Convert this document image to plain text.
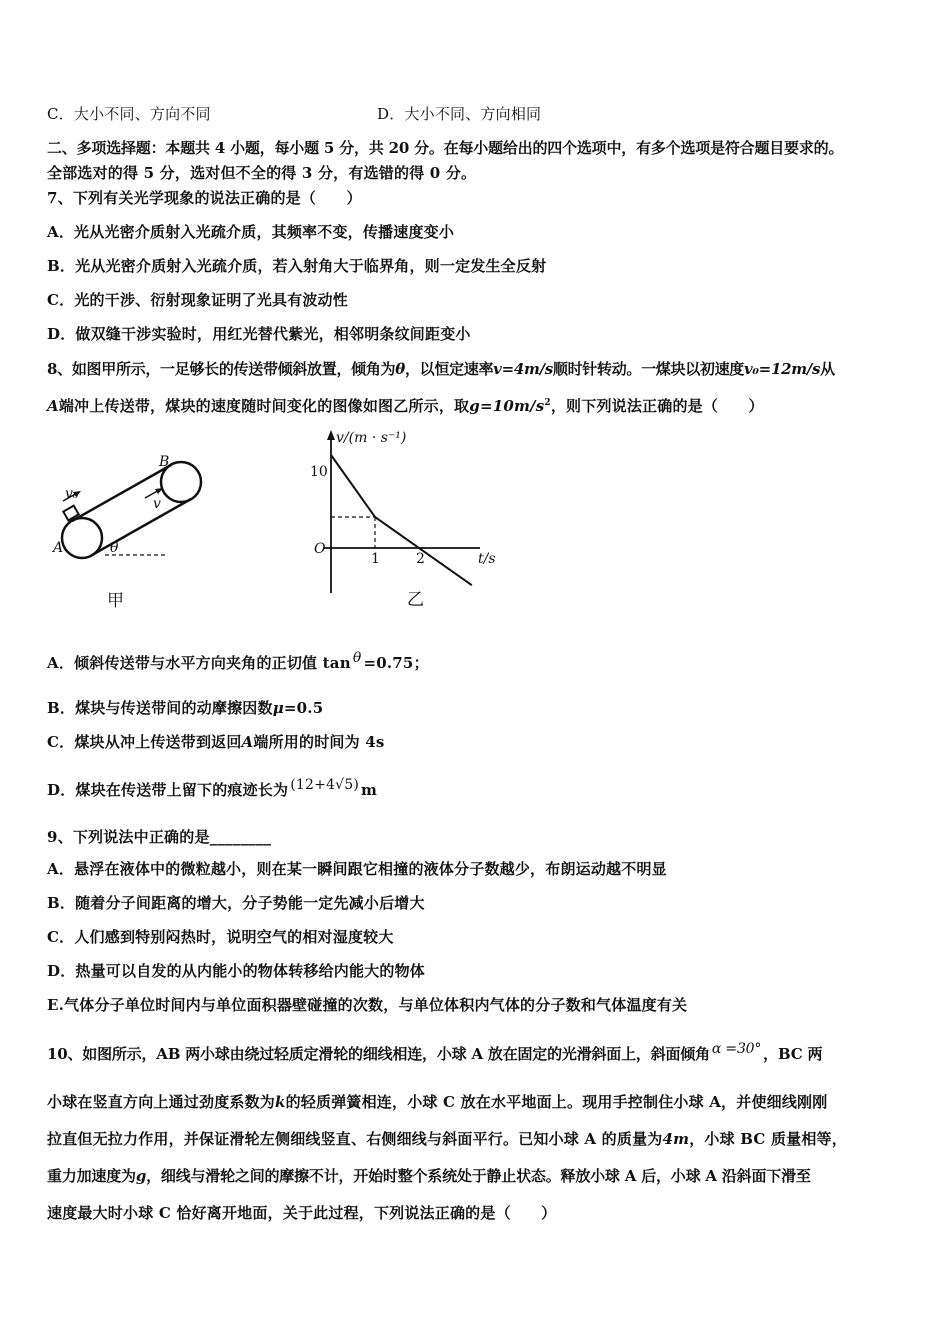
C．大小不同、方向不同	D．大小不同、方向相同
二、多项选择题：本题共 4 小题，每小题 5 分，共 20 分。在每小题给出的四个选项中，有多个选项是符合题目要求的。
全部选对的得 5 分，选对但不全的得 3 分，有选错的得 0 分。
7、下列有关光学现象的说法正确的是（　　）
A．光从光密介质射入光疏介质，其频率不变，传播速度变小
B．光从光密介质射入光疏介质，若入射角大于临界角，则一定发生全反射
C．光的干涉、衍射现象证明了光具有波动性
D．做双缝干涉实验时，用红光替代紫光，相邻明条纹间距变小
8、如图甲所示，一足够长的传送带倾斜放置，倾角为θ，以恒定速率v=4m/s顺时针转动。一煤块以初速度v₀=12m/s从
A端冲上传送带，煤块的速度随时间变化的图像如图乙所示，取$g=10m/s^2$，则下列说法正确的是（　　）
A
B
v₀
v
θ
甲
v/(m · s⁻¹)
t/s
O
10
1	2
乙
A．倾斜传送带与水平方向夹角的正切值 tan θ =0.75；
B．煤块与传送带间的动摩擦因数μ=0.5
C．煤块从冲上传送带到返回A端所用的时间为 4s
D．煤块在传送带上留下的痕迹长为 (12+4√5) m
9、下列说法中正确的是________
A．悬浮在液体中的微粒越小，则在某一瞬间跟它相撞的液体分子数越少，布朗运动越不明显
B．随着分子间距离的增大，分子势能一定先减小后增大
C．人们感到特别闷热时，说明空气的相对湿度较大
D．热量可以自发的从内能小的物体转移给内能大的物体
E.气体分子单位时间内与单位面积器壁碰撞的次数，与单位体积内气体的分子数和气体温度有关
10、如图所示，AB 两小球由绕过轻质定滑轮的细线相连，小球 A 放在固定的光滑斜面上，斜面倾角 α =30° ，BC 两
小球在竖直方向上通过劲度系数为k的轻质弹簧相连，小球 C 放在水平地面上。现用手控制住小球 A，并使细线刚刚
拉直但无拉力作用，并保证滑轮左侧细线竖直、右侧细线与斜面平行。已知小球 A 的质量为4m，小球 BC 质量相等，
重力加速度为g，细线与滑轮之间的摩擦不计，开始时整个系统处于静止状态。释放小球 A 后，小球 A 沿斜面下滑至
速度最大时小球 C 恰好离开地面，关于此过程，下列说法正确的是（　　）
